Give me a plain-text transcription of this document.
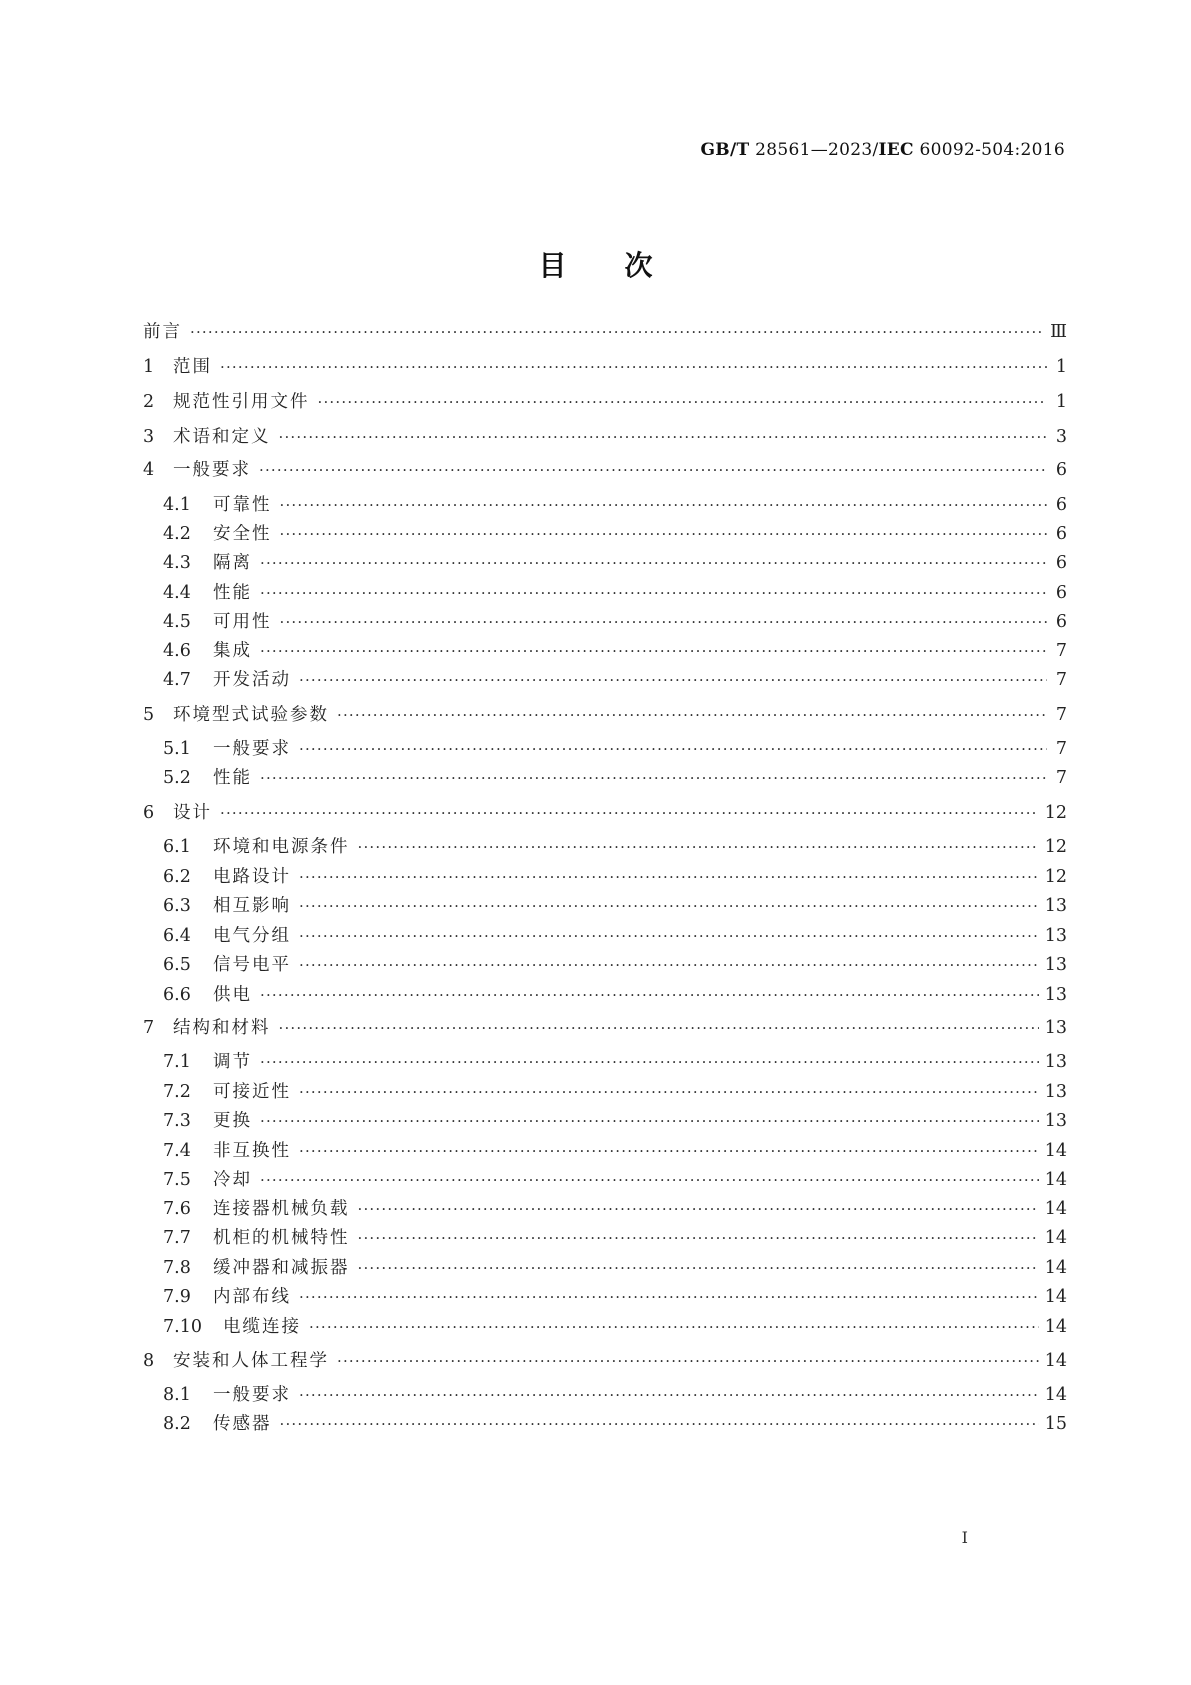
GB/T 28561—2023/IEC 60092-504:2016
目次
前言 ·····	Ⅲ
1	范围 ·····	1
2	规范性引用文件 ·····	1
3	术语和定义 ·····	3
4	一般要求 ·····	6
4.1	可靠性 ·····	6
4.2	安全性 ·····	6
4.3	隔离 ·····	6
4.4	性能 ·····	6
4.5	可用性 ·····	6
4.6	集成 ·····	7
4.7	开发活动 ·····	7
5	环境型式试验参数 ·····	7
5.1	一般要求 ·····	7
5.2	性能 ·····	7
6	设计 ·····	12
6.1	环境和电源条件 ·····	12
6.2	电路设计 ·····	12
6.3	相互影响 ·····	13
6.4	电气分组 ·····	13
6.5	信号电平 ·····	13
6.6	供电 ·····	13
7	结构和材料 ·····	13
7.1	调节 ·····	13
7.2	可接近性 ·····	13
7.3	更换 ·····	13
7.4	非互换性 ·····	14
7.5	冷却 ·····	14
7.6	连接器机械负载 ·····	14
7.7	机柜的机械特性 ·····	14
7.8	缓冲器和减振器 ·····	14
7.9	内部布线 ·····	14
7.10	电缆连接 ·····	14
8	安装和人体工程学 ·····	14
8.1	一般要求 ·····	14
8.2	传感器 ·····	15
Ⅰ
